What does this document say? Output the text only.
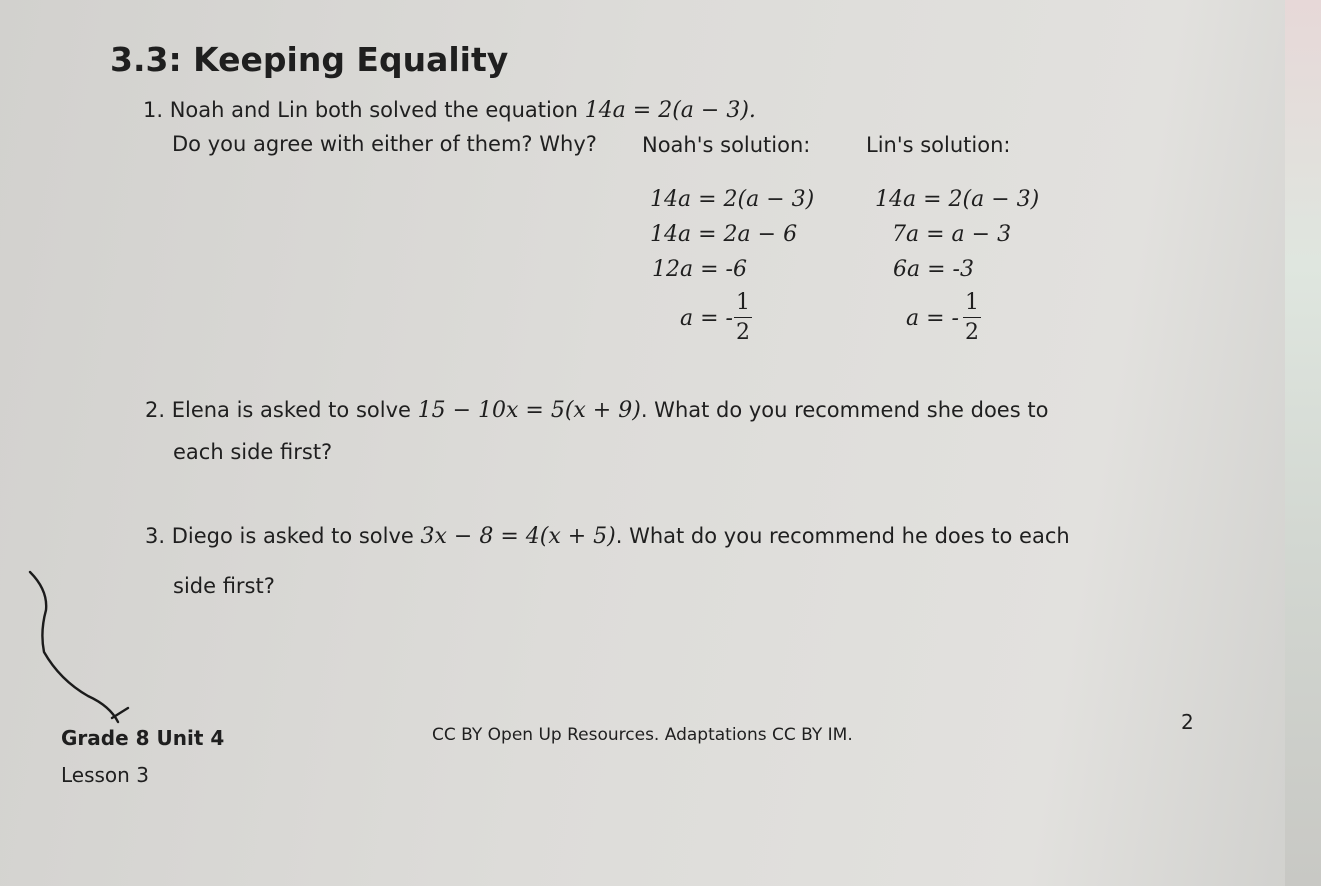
3.3: Keeping Equality
1. Noah and Lin both solved the equation 14a = 2(a − 3).
Do you agree with either of them? Why? Noah's solution:	Lin's solution:
14a = 2(a − 3)
14a = 2a − 6
12a = -6
a = -
1
2
14a = 2(a − 3)
7a = a − 3
6a = -3
a = -
1
2
2. Elena is asked to solve 15 − 10x = 5(x + 9). What do you recommend she does to
each side first?
3. Diego is asked to solve 3x − 8 = 4(x + 5). What do you recommend he does to each
side first?
Grade 8 Unit 4
Lesson 3
CC BY Open Up Resources. Adaptations CC BY IM.
2
